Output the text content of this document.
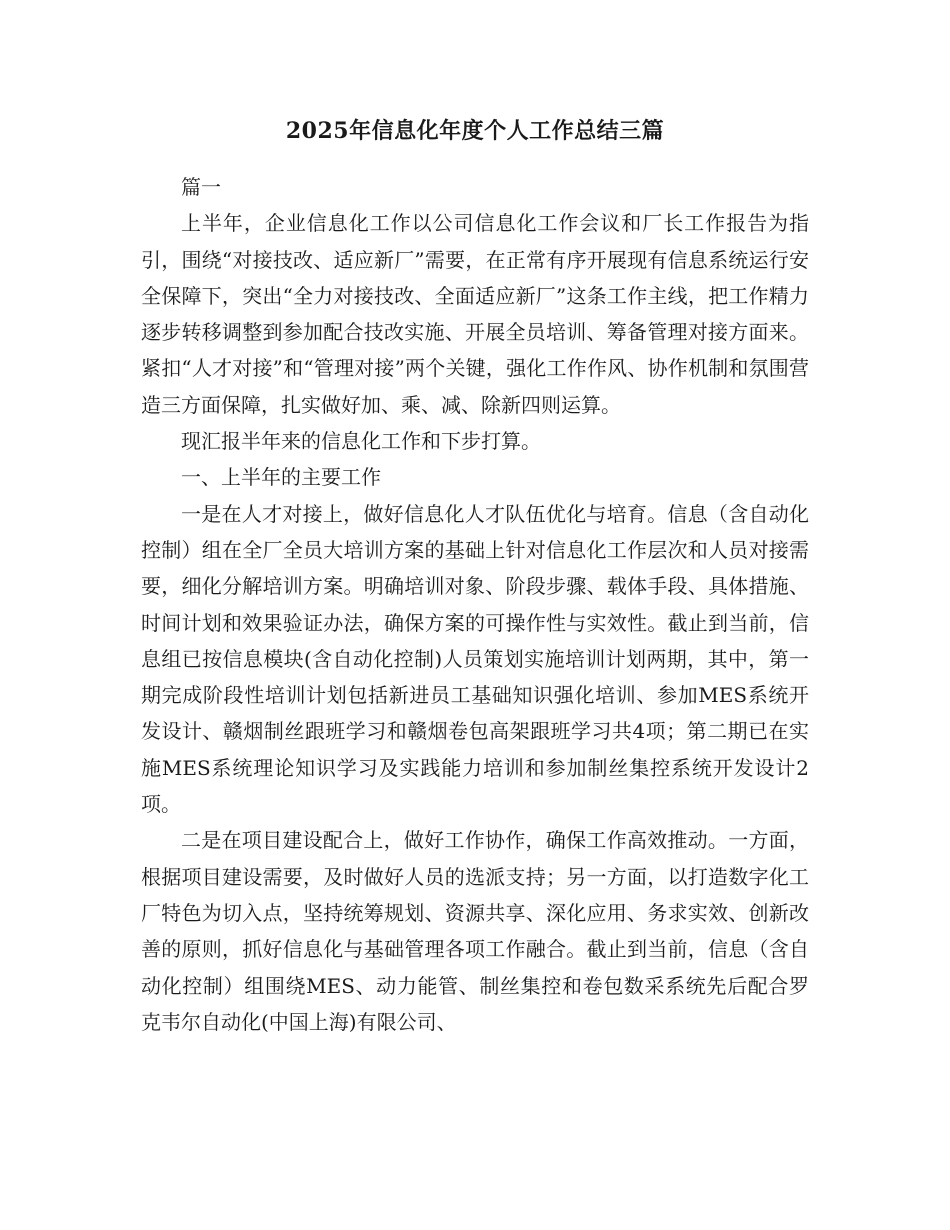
2025年信息化年度个人工作总结三篇

篇一

上半年，企业信息化工作以公司信息化工作会议和厂长工作报告为指引，围绕“对接技改、适应新厂”需要，在正常有序开展现有信息系统运行安全保障下，突出“全力对接技改、全面适应新厂”这条工作主线，把工作精力逐步转移调整到参加配合技改实施、开展全员培训、筹备管理对接方面来。紧扣“人才对接”和“管理对接”两个关键，强化工作作风、协作机制和氛围营造三方面保障，扎实做好加、乘、减、除新四则运算。

现汇报半年来的信息化工作和下步打算。

一、上半年的主要工作

一是在人才对接上，做好信息化人才队伍优化与培育。信息（含自动化控制）组在全厂全员大培训方案的基础上针对信息化工作层次和人员对接需要，细化分解培训方案。明确培训对象、阶段步骤、载体手段、具体措施、时间计划和效果验证办法，确保方案的可操作性与实效性。截止到当前，信息组已按信息模块(含自动化控制)人员策划实施培训计划两期，其中，第一期完成阶段性培训计划包括新进员工基础知识强化培训、参加MES系统开发设计、赣烟制丝跟班学习和赣烟卷包高架跟班学习共4项；第二期已在实施MES系统理论知识学习及实践能力培训和参加制丝集控系统开发设计2项。

二是在项目建设配合上，做好工作协作，确保工作高效推动。一方面，根据项目建设需要，及时做好人员的选派支持；另一方面，以打造数字化工厂特色为切入点，坚持统筹规划、资源共享、深化应用、务求实效、创新改善的原则，抓好信息化与基础管理各项工作融合。截止到当前，信息（含自动化控制）组围绕MES、动力能管、制丝集控和卷包数采系统先后配合罗克韦尔自动化(中国上海)有限公司、
